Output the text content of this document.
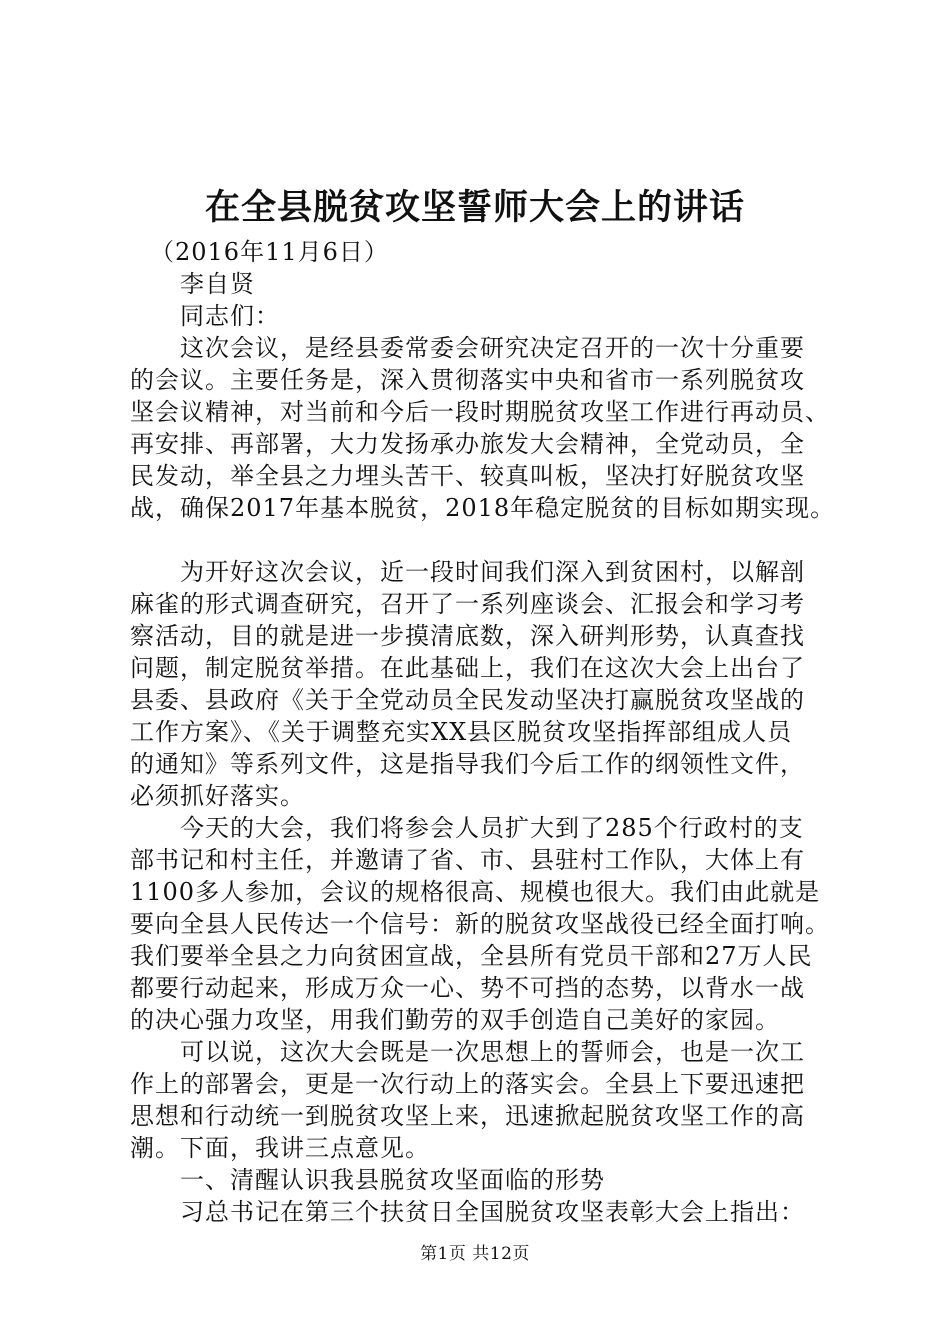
在全县脱贫攻坚誓师大会上的讲话
（2016年11月6日）
李自贤
同志们：
这次会议，是经县委常委会研究决定召开的一次十分重要
的会议。主要任务是，深入贯彻落实中央和省市一系列脱贫攻
坚会议精神，对当前和今后一段时期脱贫攻坚工作进行再动员、
再安排、再部署，大力发扬承办旅发大会精神，全党动员，全
民发动，举全县之力埋头苦干、较真叫板，坚决打好脱贫攻坚
战，确保2017年基本脱贫，2018年稳定脱贫的目标如期实现。
为开好这次会议，近一段时间我们深入到贫困村，以解剖
麻雀的形式调查研究，召开了一系列座谈会、汇报会和学习考
察活动，目的就是进一步摸清底数，深入研判形势，认真查找
问题，制定脱贫举措。在此基础上，我们在这次大会上出台了
县委、县政府《关于全党动员全民发动坚决打赢脱贫攻坚战的
工作方案》、《关于调整充实XX县区脱贫攻坚指挥部组成人员
的通知》等系列文件，这是指导我们今后工作的纲领性文件，
必须抓好落实。
今天的大会，我们将参会人员扩大到了285个行政村的支
部书记和村主任，并邀请了省、市、县驻村工作队，大体上有
1100多人参加，会议的规格很高、规模也很大。我们由此就是
要向全县人民传达一个信号：新的脱贫攻坚战役已经全面打响。
我们要举全县之力向贫困宣战，全县所有党员干部和27万人民
都要行动起来，形成万众一心、势不可挡的态势，以背水一战
的决心强力攻坚，用我们勤劳的双手创造自己美好的家园。
可以说，这次大会既是一次思想上的誓师会，也是一次工
作上的部署会，更是一次行动上的落实会。全县上下要迅速把
思想和行动统一到脱贫攻坚上来，迅速掀起脱贫攻坚工作的高
潮。下面，我讲三点意见。
一、清醒认识我县脱贫攻坚面临的形势
习总书记在第三个扶贫日全国脱贫攻坚表彰大会上指出：
第1页 共12页
